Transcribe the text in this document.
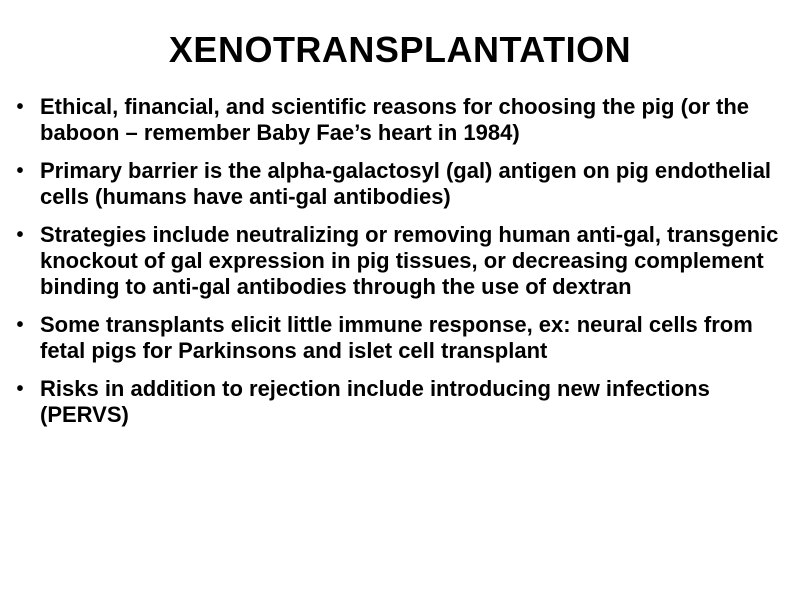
XENOTRANSPLANTATION
• Ethical, financial, and scientific reasons for choosing the pig (or the baboon – remember Baby Fae’s heart in 1984)
• Primary barrier is the alpha-galactosyl (gal) antigen on pig endothelial cells (humans have anti-gal antibodies)
• Strategies include neutralizing or removing human anti-gal, transgenic knockout of gal expression in pig tissues, or decreasing complement binding to anti-gal antibodies through the use of dextran
• Some transplants elicit little immune response, ex: neural cells from fetal pigs for Parkinsons and islet cell transplant
• Risks in addition to rejection include introducing new infections (PERVS)
